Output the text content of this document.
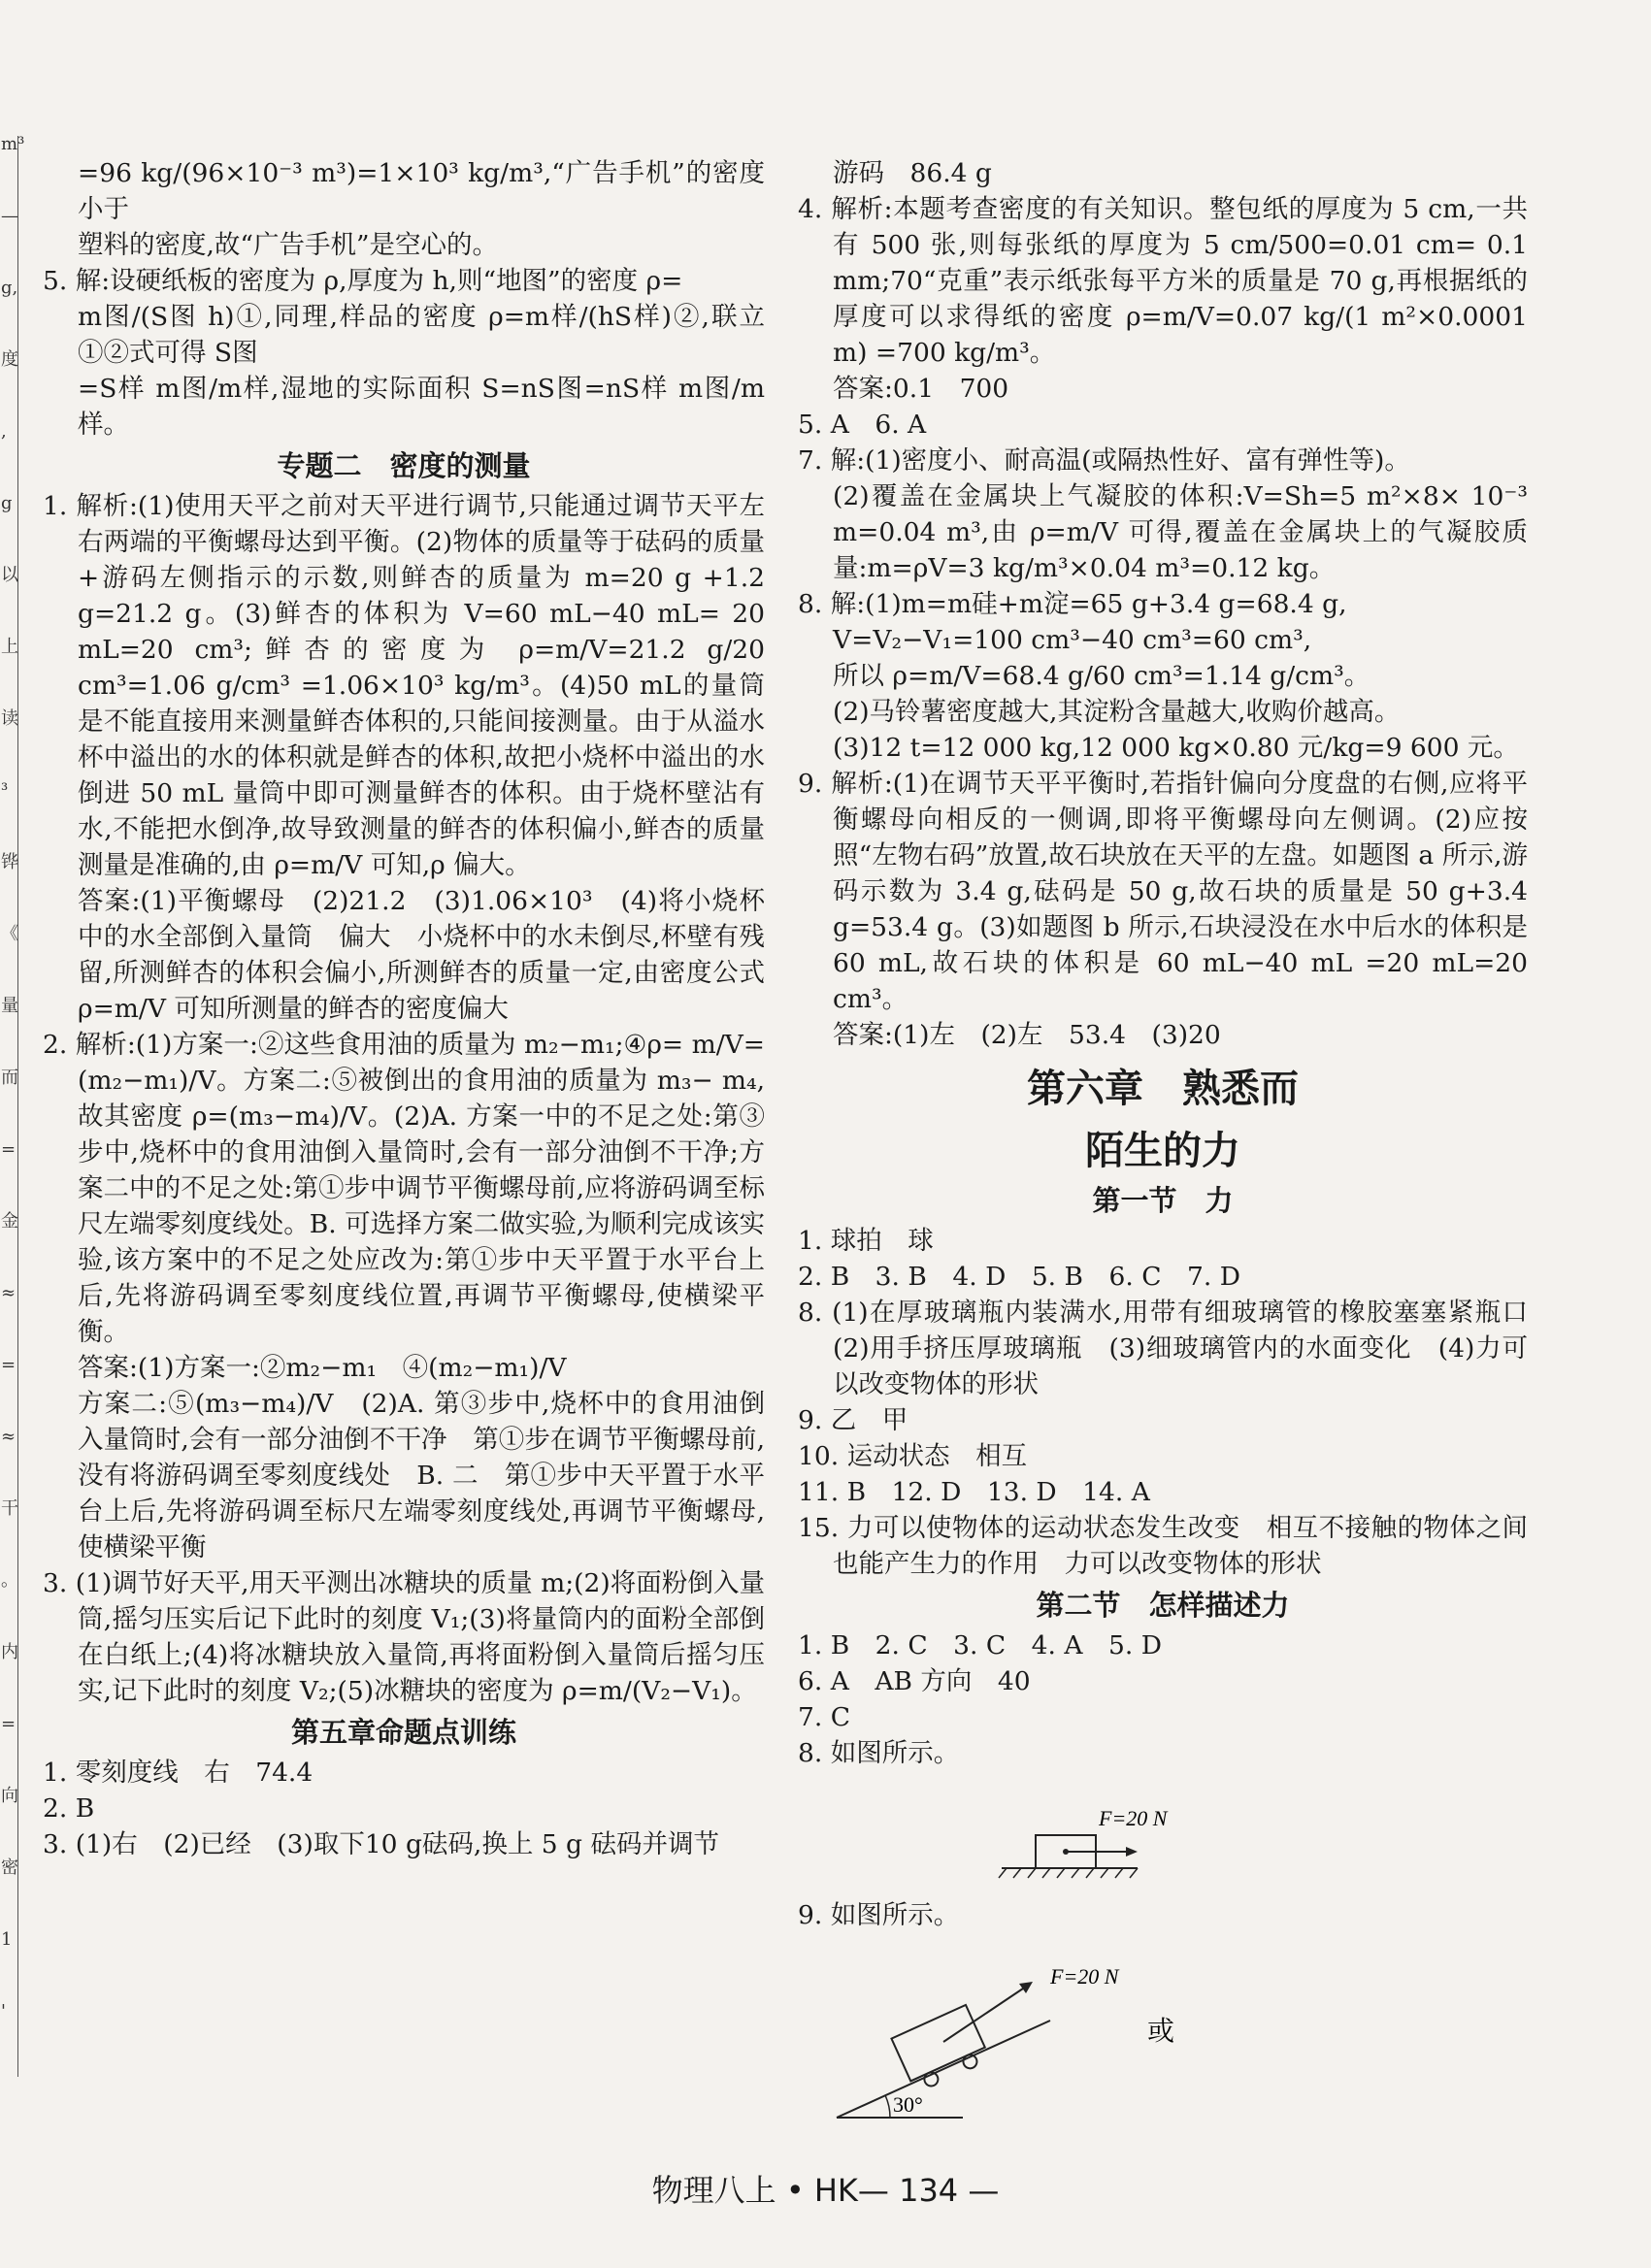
m³
—
g,
度
,
g
以
上
读
³
铧
《
量
而
=
金
≈
=
≈
干
。
内
=
向
密
1
'
=96 kg/(96×10⁻³ m³)=1×10³ kg/m³,“广告手机”的密度小于
塑料的密度,故“广告手机”是空心的。
5. 解:设硬纸板的密度为 ρ,厚度为 h,则“地图”的密度 ρ=
m图/(S图 h)①,同理,样品的密度 ρ=m样/(hS样)②,联立①②式可得 S图
=S样 m图/m样,湿地的实际面积 S=nS图=nS样 m图/m样。
专题二　密度的测量
1. 解析:(1)使用天平之前对天平进行调节,只能通过调节天平左右两端的平衡螺母达到平衡。(2)物体的质量等于砝码的质量+游码左侧指示的示数,则鲜杏的质量为 m=20 g +1.2 g=21.2 g。(3)鲜杏的体积为 V=60 mL−40 mL= 20 mL=20 cm³;鲜杏的密度为 ρ=m/V=21.2 g/20 cm³=1.06 g/cm³ =1.06×10³ kg/m³。(4)50 mL的量筒是不能直接用来测量鲜杏体积的,只能间接测量。由于从溢水杯中溢出的水的体积就是鲜杏的体积,故把小烧杯中溢出的水倒进 50 mL 量筒中即可测量鲜杏的体积。由于烧杯壁沾有水,不能把水倒净,故导致测量的鲜杏的体积偏小,鲜杏的质量测量是准确的,由 ρ=m/V 可知,ρ 偏大。
答案:(1)平衡螺母　(2)21.2　(3)1.06×10³　(4)将小烧杯中的水全部倒入量筒　偏大　小烧杯中的水未倒尽,杯壁有残留,所测鲜杏的体积会偏小,所测鲜杏的质量一定,由密度公式 ρ=m/V 可知所测量的鲜杏的密度偏大
2. 解析:(1)方案一:②这些食用油的质量为 m₂−m₁;④ρ= m/V=(m₂−m₁)/V。方案二:⑤被倒出的食用油的质量为 m₃− m₄,故其密度 ρ=(m₃−m₄)/V。(2)A. 方案一中的不足之处:第③步中,烧杯中的食用油倒入量筒时,会有一部分油倒不干净;方案二中的不足之处:第①步中调节平衡螺母前,应将游码调至标尺左端零刻度线处。B. 可选择方案二做实验,为顺利完成该实验,该方案中的不足之处应改为:第①步中天平置于水平台上后,先将游码调至零刻度线位置,再调节平衡螺母,使横梁平衡。
答案:(1)方案一:②m₂−m₁　④(m₂−m₁)/V
方案二:⑤(m₃−m₄)/V　(2)A. 第③步中,烧杯中的食用油倒入量筒时,会有一部分油倒不干净　第①步在调节平衡螺母前,没有将游码调至零刻度线处　B. 二　第①步中天平置于水平台上后,先将游码调至标尺左端零刻度线处,再调节平衡螺母,使横梁平衡
3. (1)调节好天平,用天平测出冰糖块的质量 m;(2)将面粉倒入量筒,摇匀压实后记下此时的刻度 V₁;(3)将量筒内的面粉全部倒在白纸上;(4)将冰糖块放入量筒,再将面粉倒入量筒后摇匀压实,记下此时的刻度 V₂;(5)冰糖块的密度为 ρ=m/(V₂−V₁)。
第五章命题点训练
1. 零刻度线　右　74.4
2. B
3. (1)右　(2)已经　(3)取下10 g砝码,换上 5 g 砝码并调节
游码　86.4 g
4. 解析:本题考查密度的有关知识。整包纸的厚度为 5 cm,一共有 500 张,则每张纸的厚度为 5 cm/500=0.01 cm= 0.1 mm;70“克重”表示纸张每平方米的质量是 70 g,再根据纸的厚度可以求得纸的密度 ρ=m/V=0.07 kg/(1 m²×0.0001 m) =700 kg/m³。
答案:0.1　700
5. A　6. A
7. 解:(1)密度小、耐高温(或隔热性好、富有弹性等)。
(2)覆盖在金属块上气凝胶的体积:V=Sh=5 m²×8× 10⁻³ m=0.04 m³,由 ρ=m/V 可得,覆盖在金属块上的气凝胶质量:m=ρV=3 kg/m³×0.04 m³=0.12 kg。
8. 解:(1)m=m硅+m淀=65 g+3.4 g=68.4 g,
V=V₂−V₁=100 cm³−40 cm³=60 cm³,
所以 ρ=m/V=68.4 g/60 cm³=1.14 g/cm³。
(2)马铃薯密度越大,其淀粉含量越大,收购价越高。
(3)12 t=12 000 kg,12 000 kg×0.80 元/kg=9 600 元。
9. 解析:(1)在调节天平平衡时,若指针偏向分度盘的右侧,应将平衡螺母向相反的一侧调,即将平衡螺母向左侧调。(2)应按照“左物右码”放置,故石块放在天平的左盘。如题图 a 所示,游码示数为 3.4 g,砝码是 50 g,故石块的质量是 50 g+3.4 g=53.4 g。(3)如题图 b 所示,石块浸没在水中后水的体积是 60 mL,故石块的体积是 60 mL−40 mL =20 mL=20 cm³。
答案:(1)左　(2)左　53.4　(3)20
第六章　熟悉而
陌生的力
第一节　力
1. 球拍　球
2. B　3. B　4. D　5. B　6. C　7. D
8. (1)在厚玻璃瓶内装满水,用带有细玻璃管的橡胶塞塞紧瓶口　(2)用手挤压厚玻璃瓶　(3)细玻璃管内的水面变化　(4)力可以改变物体的形状
9. 乙　甲
10. 运动状态　相互
11. B　12. D　13. D　14. A
15. 力可以使物体的运动状态发生改变　相互不接触的物体之间也能产生力的作用　力可以改变物体的形状
第二节　怎样描述力
1. B　2. C　3. C　4. A　5. D
6. A　AB 方向　40
7. C
8. 如图所示。
F=20 N
9. 如图所示。
30°
F=20 N
或
物理八上 • HK— 134 —
